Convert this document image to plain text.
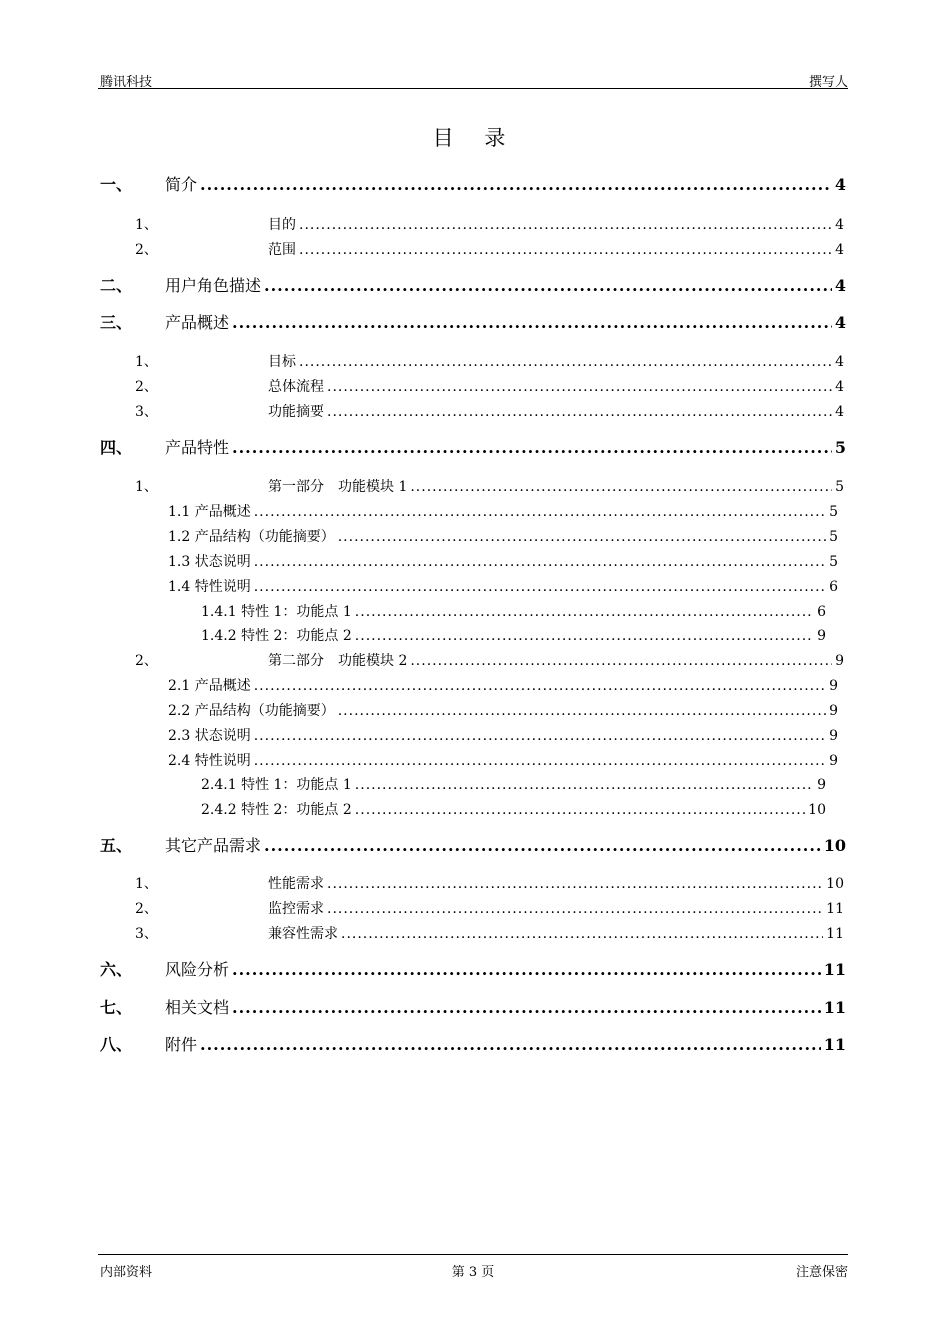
腾讯科技	撰写人
目 录
一、 简介 .....	4
1、	目的 .....	4
2、	范围 .....	4
二、 用户角色描述 .....	4
三、 产品概述 .....	4
1、	目标 .....	4
2、	总体流程 .....	4
3、	功能摘要 .....	4
四、 产品特性 .....	5
1、	第一部分　功能模块 1 .....	5
1.1 产品概述 .....	5
1.2 产品结构（功能摘要） .....	5
1.3 状态说明 .....	5
1.4 特性说明 .....	6
1.4.1 特性 1：功能点 1 .....	6
1.4.2 特性 2：功能点 2 .....	9
2、	第二部分　功能模块 2 .....	9
2.1 产品概述 .....	9
2.2 产品结构（功能摘要） .....	9
2.3 状态说明 .....	9
2.4 特性说明 .....	9
2.4.1 特性 1：功能点 1 .....	9
2.4.2 特性 2：功能点 2 .....	10
五、 其它产品需求 .....	10
1、	性能需求 .....	10
2、	监控需求 .....	11
3、	兼容性需求 .....	11
六、 风险分析 .....	11
七、 相关文档 .....	11
八、 附件 .....	11
内部资料	第 3 页	注意保密
